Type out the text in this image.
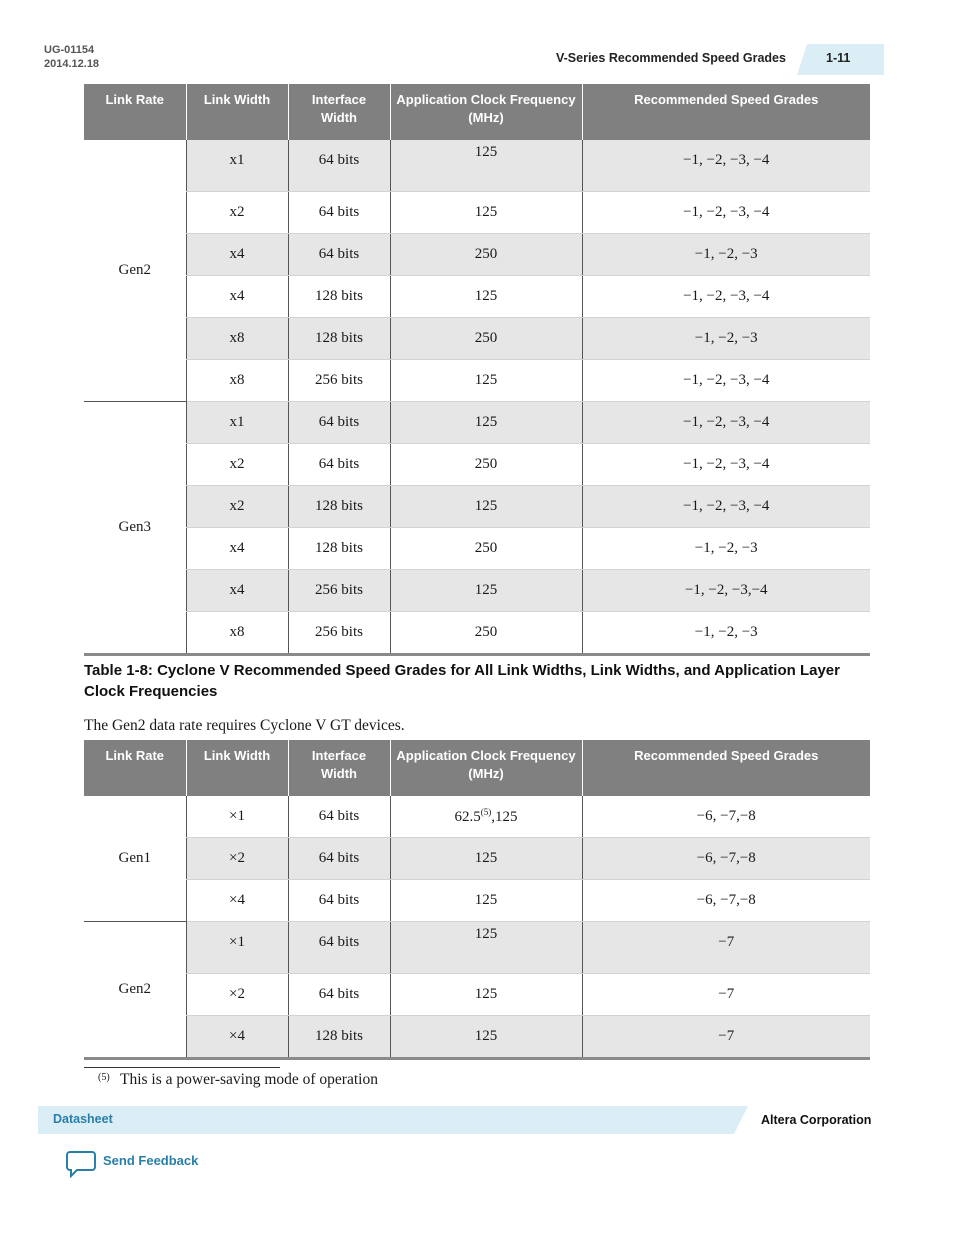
UG-01154
2014.12.18	V-Series Recommended Speed Grades	1-11
Link Rate	Link Width	Interface Width	Application Clock Frequency (MHz)	Recommended Speed Grades
Gen2	x1	64 bits	125	−1, −2, −3, −4
	x2	64 bits	125	−1, −2, −3, −4
	x4	64 bits	250	−1, −2, −3
	x4	128 bits	125	−1, −2, −3, −4
	x8	128 bits	250	−1, −2, −3
	x8	256 bits	125	−1, −2, −3, −4
Gen3	x1	64 bits	125	−1, −2, −3, −4
	x2	64 bits	250	−1, −2, −3, −4
	x2	128 bits	125	−1, −2, −3, −4
	x4	128 bits	250	−1, −2, −3
	x4	256 bits	125	−1, −2, −3,−4
	x8	256 bits	250	−1, −2, −3
Table 1-8: Cyclone V Recommended Speed Grades for All Link Widths, Link Widths, and Application Layer Clock Frequencies
The Gen2 data rate requires Cyclone V GT devices.
Link Rate	Link Width	Interface Width	Application Clock Frequency (MHz)	Recommended Speed Grades
Gen1	×1	64 bits	$62.5^{(5)},125$	−6, −7,−8
	×2	64 bits	125	−6, −7,−8
	×4	64 bits	125	−6, −7,−8
Gen2	×1	64 bits	125	−7
	×2	64 bits	125	−7
	×4	128 bits	125	−7
(5) This is a power-saving mode of operation
Datasheet	Altera Corporation
Send Feedback
